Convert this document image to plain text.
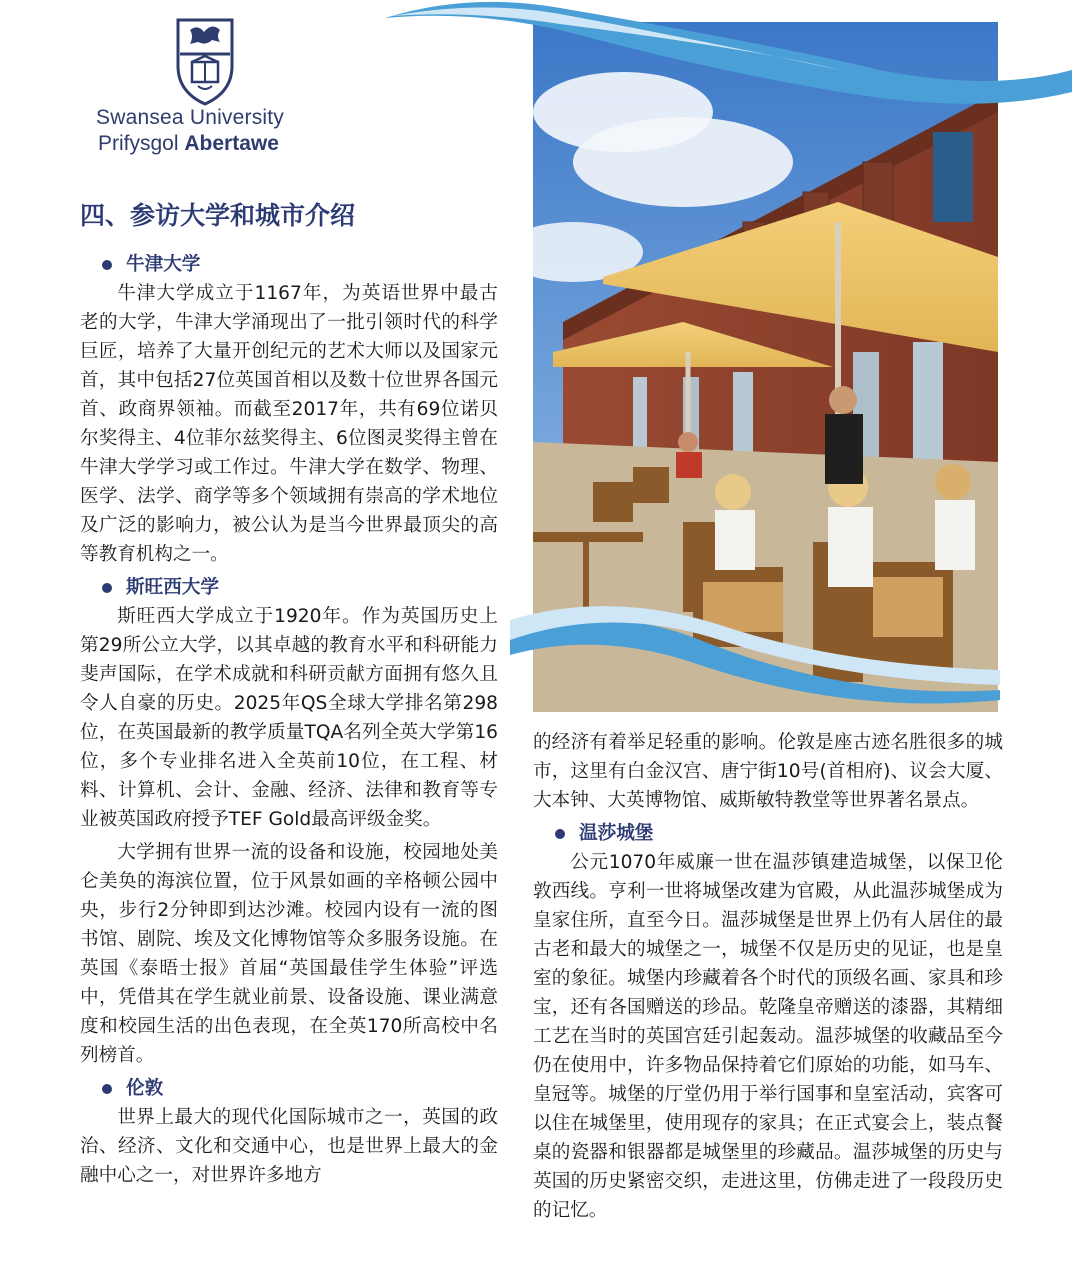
Swansea University
Prifysgol Abertawe
四、参访大学和城市介绍
牛津大学

牛津大学成立于1167年，为英语世界中最古老的大学，牛津大学涌现出了一批引领时代的科学巨匠，培养了大量开创纪元的艺术大师以及国家元首，其中包括27位英国首相以及数十位世界各国元首、政商界领袖。而截至2017年，共有69位诺贝尔奖得主、4位菲尔兹奖得主、6位图灵奖得主曾在牛津大学学习或工作过。牛津大学在数学、物理、医学、法学、商学等多个领域拥有崇高的学术地位及广泛的影响力，被公认为是当今世界最顶尖的高等教育机构之一。

斯旺西大学

斯旺西大学成立于1920年。作为英国历史上第29所公立大学，以其卓越的教育水平和科研能力斐声国际，在学术成就和科研贡献方面拥有悠久且令人自豪的历史。2025年QS全球大学排名第298位，在英国最新的教学质量TQA名列全英大学第16位，多个专业排名进入全英前10位，在工程、材料、计算机、会计、金融、经济、法律和教育等专业被英国政府授予TEF Gold最高评级金奖。

大学拥有世界一流的设备和设施，校园地处美仑美奂的海滨位置，位于风景如画的辛格顿公园中央，步行2分钟即到达沙滩。校园内设有一流的图书馆、剧院、埃及文化博物馆等众多服务设施。在英国《泰晤士报》首届“英国最佳学生体验”评选中，凭借其在学生就业前景、设备设施、课业满意度和校园生活的出色表现，在全英170所高校中名列榜首。

伦敦

世界上最大的现代化国际城市之一，英国的政治、经济、文化和交通中心，也是世界上最大的金融中心之一，对世界许多地方

的经济有着举足轻重的影响。伦敦是座古迹名胜很多的城市，这里有白金汉宫、唐宁街10号(首相府)、议会大厦、大本钟、大英博物馆、威斯敏特教堂等世界著名景点。

温莎城堡

公元1070年威廉一世在温莎镇建造城堡，以保卫伦敦西线。亨利一世将城堡改建为官殿，从此温莎城堡成为皇家住所，直至今日。温莎城堡是世界上仍有人居住的最古老和最大的城堡之一，城堡不仅是历史的见证，也是皇室的象征。城堡内珍藏着各个时代的顶级名画、家具和珍宝，还有各国赠送的珍品。乾隆皇帝赠送的漆器，其精细工艺在当时的英国宫廷引起轰动。温莎城堡的收藏品至今仍在使用中，许多物品保持着它们原始的功能，如马车、皇冠等。城堡的厅堂仍用于举行国事和皇室活动，宾客可以住在城堡里，使用现存的家具；在正式宴会上，装点餐桌的瓷器和银器都是城堡里的珍藏品。温莎城堡的历史与英国的历史紧密交织，走进这里，仿佛走进了一段段历史的记忆。
